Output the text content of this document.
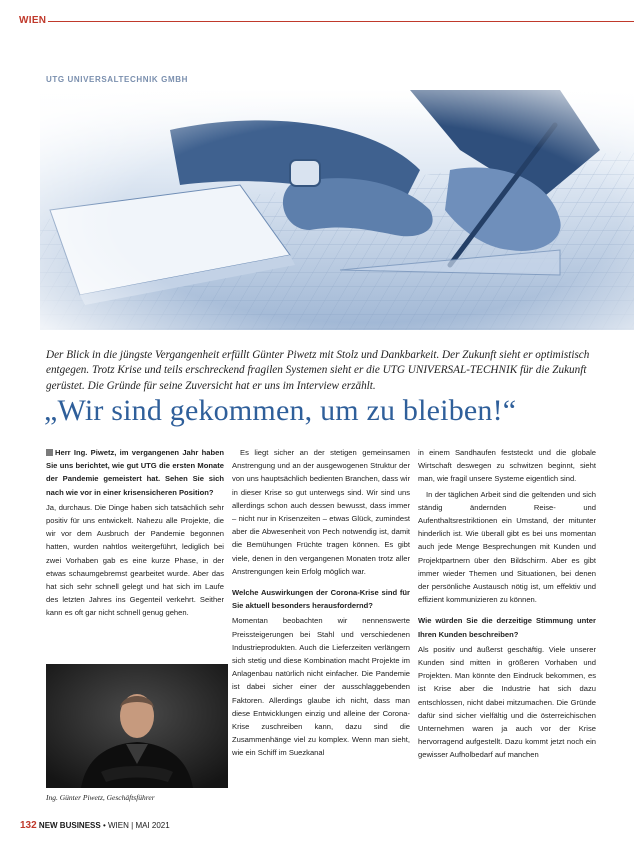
WIEN
UTG UNIVERSALTECHNIK GMBH
Der Blick in die jüngste Vergangenheit erfüllt Günter Piwetz mit Stolz und Dankbarkeit. Der Zukunft sieht er optimistisch entgegen. Trotz Krise und teils erschreckend fragilen Systemen sieht er die UTG UNIVERSAL-TECHNIK für die Zukunft gerüstet. Die Gründe für seine Zuversicht hat er uns im Interview erzählt.
„Wir sind gekommen, um zu bleiben!“

Herr Ing. Piwetz, im vergangenen Jahr haben Sie uns berichtet, wie gut UTG die ersten Monate der Pandemie gemeistert hat. Sehen Sie sich nach wie vor in einer krisensicheren Position?

Ja, durchaus. Die Dinge haben sich tatsächlich sehr positiv für uns entwickelt. Nahezu alle Projekte, die wir vor dem Ausbruch der Pandemie begonnen hatten, wurden nahtlos weitergeführt, lediglich bei zwei Vorhaben gab es eine kurze Phase, in der etwas schaumgebremst gearbeitet wurde. Aber das hat sich sehr schnell gelegt und hat sich im Laufe des letzten Jahres ins Gegenteil verkehrt. Seither kann es oft gar nicht schnell genug gehen.

Ing. Günter Piwetz, Geschäftsführer

Es liegt sicher an der stetigen gemeinsamen Anstrengung und an der ausgewogenen Struktur der von uns hauptsächlich bedienten Branchen, dass wir in dieser Krise so gut unterwegs sind. Wir sind uns allerdings schon auch dessen bewusst, dass immer – nicht nur in Krisenzeiten – etwas Glück, zumindest aber die Abwesenheit von Pech notwendig ist, damit die Bemühungen Früchte tragen können. Es gibt viele, denen in den vergangenen Monaten trotz aller Anstrengungen kein Erfolg möglich war.

Welche Auswirkungen der Corona-Krise sind für Sie aktuell besonders herausfordernd?

Momentan beobachten wir nennenswerte Preissteigerungen bei Stahl und verschiedenen Industrieprodukten. Auch die Lieferzeiten verlängern sich stetig und diese Kombination macht Projekte im Anlagenbau natürlich nicht einfacher. Die Pandemie ist dabei sicher einer der ausschlaggebenden Faktoren. Allerdings glaube ich nicht, dass man diese Entwicklungen einzig und alleine der Corona-Krise zuschreiben kann, dazu sind die Zusammenhänge viel zu komplex. Wenn man sieht, wie ein Schiff im Suezkanal

in einem Sandhaufen feststeckt und die globale Wirtschaft deswegen zu schwitzen beginnt, sieht man, wie fragil unsere Systeme eigentlich sind.

In der täglichen Arbeit sind die geltenden und sich ständig ändernden Reise- und Aufenthaltsrestriktionen ein Umstand, der mitunter hinderlich ist. Wie überall gibt es bei uns momentan auch jede Menge Besprechungen mit Kunden und Projektpartnern über den Bildschirm. Aber es gibt immer wieder Themen und Situationen, bei denen der persönliche Austausch nötig ist, um effektiv und effizient kommunizieren zu können.

Wie würden Sie die derzeitige Stimmung unter Ihren Kunden beschreiben?

Als positiv und äußerst geschäftig. Viele unserer Kunden sind mitten in größeren Vorhaben und Projekten. Man könnte den Eindruck bekommen, es ist Krise aber die Industrie hat sich dazu entschlossen, nicht dabei mitzumachen. Die Gründe dafür sind sicher vielfältig und die österreichischen Unternehmen waren ja auch vor der Krise hervorragend aufgestellt. Dazu kommt jetzt noch ein gewisser Aufholbedarf auf manchen

132 NEW BUSINESS • WIEN | MAI 2021
